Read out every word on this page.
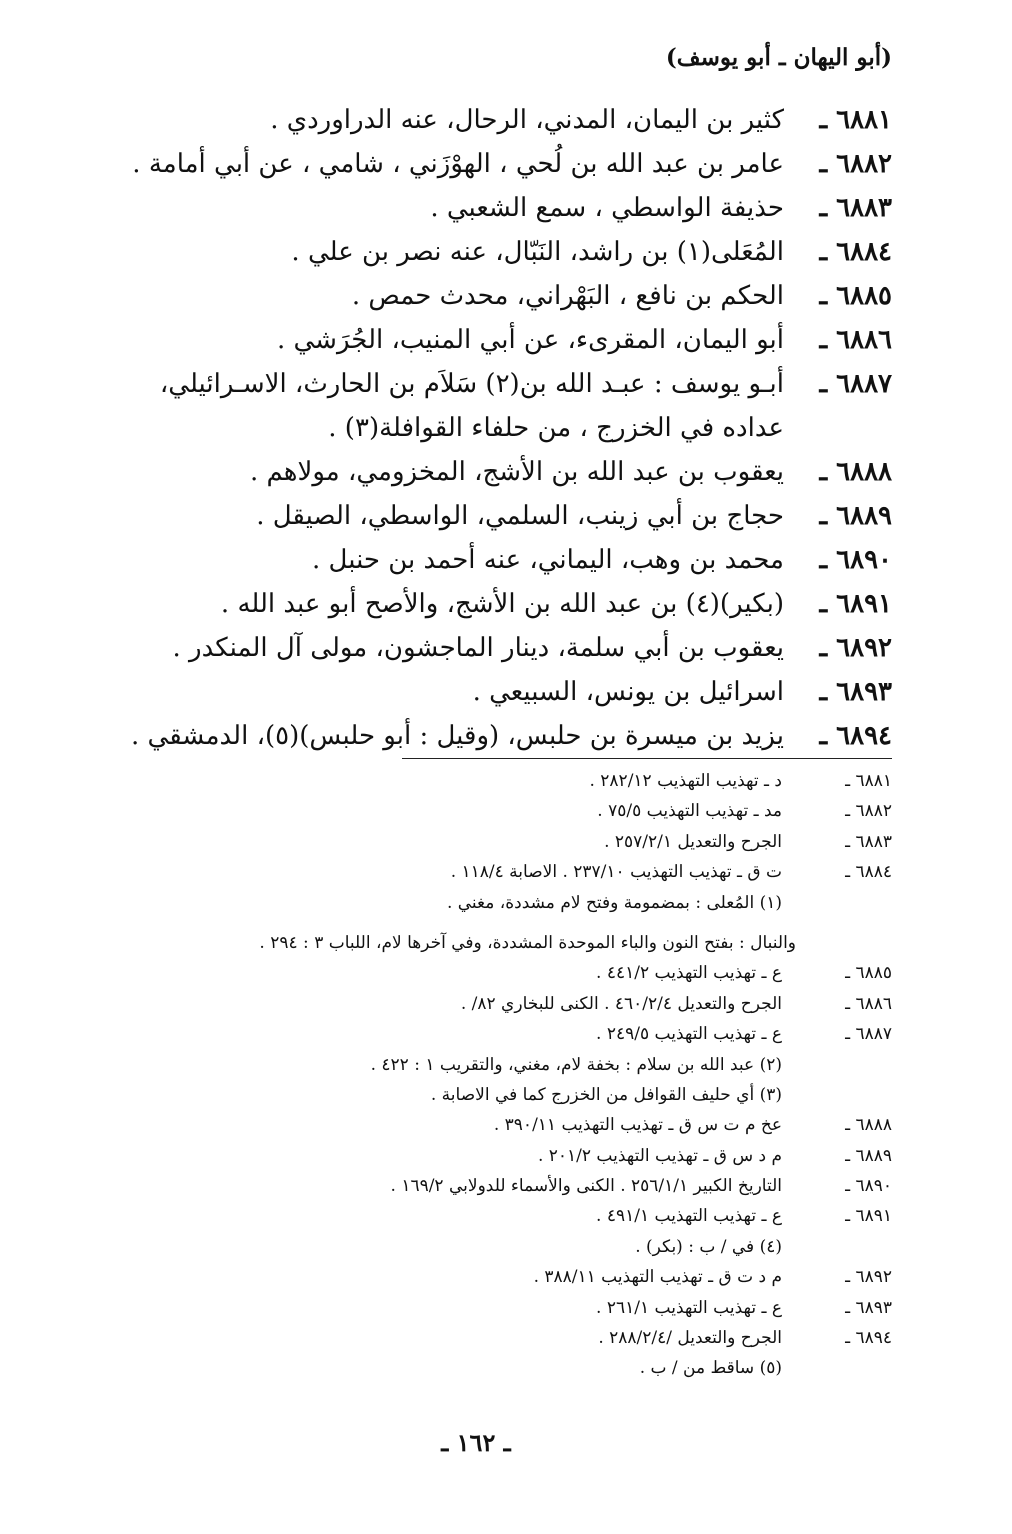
(أبو اليهان ـ أبو يوسف)
٦٨٨١ ـ
كثير بن اليمان، المدني، الرحال، عنه الدراوردي .
٦٨٨٢ ـ
عامر بن عبد الله بن لُحي ، الهوْزَني ، شامي ، عن أبي أمامة .
٦٨٨٣ ـ
حذيفة الواسطي ، سمع الشعبي .
٦٨٨٤ ـ
المُعَلى(١) بن راشد، النَبّال، عنه نصر بن علي .
٦٨٨٥ ـ
الحكم بن نافع ، البَهْراني، محدث حمص .
٦٨٨٦ ـ
أبو اليمان، المقرىء، عن أبي المنيب، الجُرَشي .
٦٨٨٧ ـ
أبـو يوسف : عبـد الله بن(٢) سَلاَم بن الحارث، الاسـرائيلي، عداده في الخزرج ، من حلفاء القوافلة(٣) .
٦٨٨٨ ـ
يعقوب بن عبد الله بن الأشج، المخزومي، مولاهم .
٦٨٨٩ ـ
حجاج بن أبي زينب، السلمي، الواسطي، الصيقل .
٦٨٩٠ ـ
محمد بن وهب، اليماني، عنه أحمد بن حنبل .
٦٨٩١ ـ
(بكير)(٤) بن عبد الله بن الأشج، والأصح أبو عبد الله .
٦٨٩٢ ـ
يعقوب بن أبي سلمة، دينار الماجشون، مولى آل المنكدر .
٦٨٩٣ ـ
اسرائيل بن يونس، السبيعي .
٦٨٩٤ ـ
يزيد بن ميسرة بن حلبس، (وقيل : أبو حلبس)(٥)، الدمشقي .
٦٨٨١ ـ
د ـ تهذيب التهذيب ٢٨٢/١٢ .
٦٨٨٢ ـ
مد ـ تهذيب التهذيب ٧٥/٥ .
٦٨٨٣ ـ
الجرح والتعديل ٢٥٧/٢/١ .
٦٨٨٤ ـ
ت ق ـ تهذيب التهذيب ٢٣٧/١٠ . الاصابة ١١٨/٤ .
(١) المُعلى : بمضمومة وفتح لام مشددة، مغني .
والنبال : بفتح النون والباء الموحدة المشددة، وفي آخرها لام، اللباب ٣ : ٢٩٤ .
٦٨٨٥ ـ
ع ـ تهذيب التهذيب ٤٤١/٢ .
٦٨٨٦ ـ
الجرح والتعديل ٤٦٠/٢/٤ . الكنى للبخاري ٨٢/ .
٦٨٨٧ ـ
ع ـ تهذيب التهذيب ٢٤٩/٥ .
(٢) عبد الله بن سلام : بخفة لام، مغني، والتقريب ١ : ٤٢٢ .
(٣) أي حليف القوافل من الخزرج كما في الاصابة .
٦٨٨٨ ـ
عخ م ت س ق ـ تهذيب التهذيب ٣٩٠/١١ .
٦٨٨٩ ـ
م د س ق ـ تهذيب التهذيب ٢٠١/٢ .
٦٨٩٠ ـ
التاريخ الكبير ٢٥٦/١/١ . الكنى والأسماء للدولابي ١٦٩/٢ .
٦٨٩١ ـ
ع ـ تهذيب التهذيب ٤٩١/١ .
(٤) في / ب : (بكر) .
٦٨٩٢ ـ
م د ت ق ـ تهذيب التهذيب ٣٨٨/١١ .
٦٨٩٣ ـ
ع ـ تهذيب التهذيب ٢٦١/١ .
٦٨٩٤ ـ
الجرح والتعديل /٢٨٨/٢/٤ .
(٥) ساقط من / ب .
ـ ١٦٢ ـ
